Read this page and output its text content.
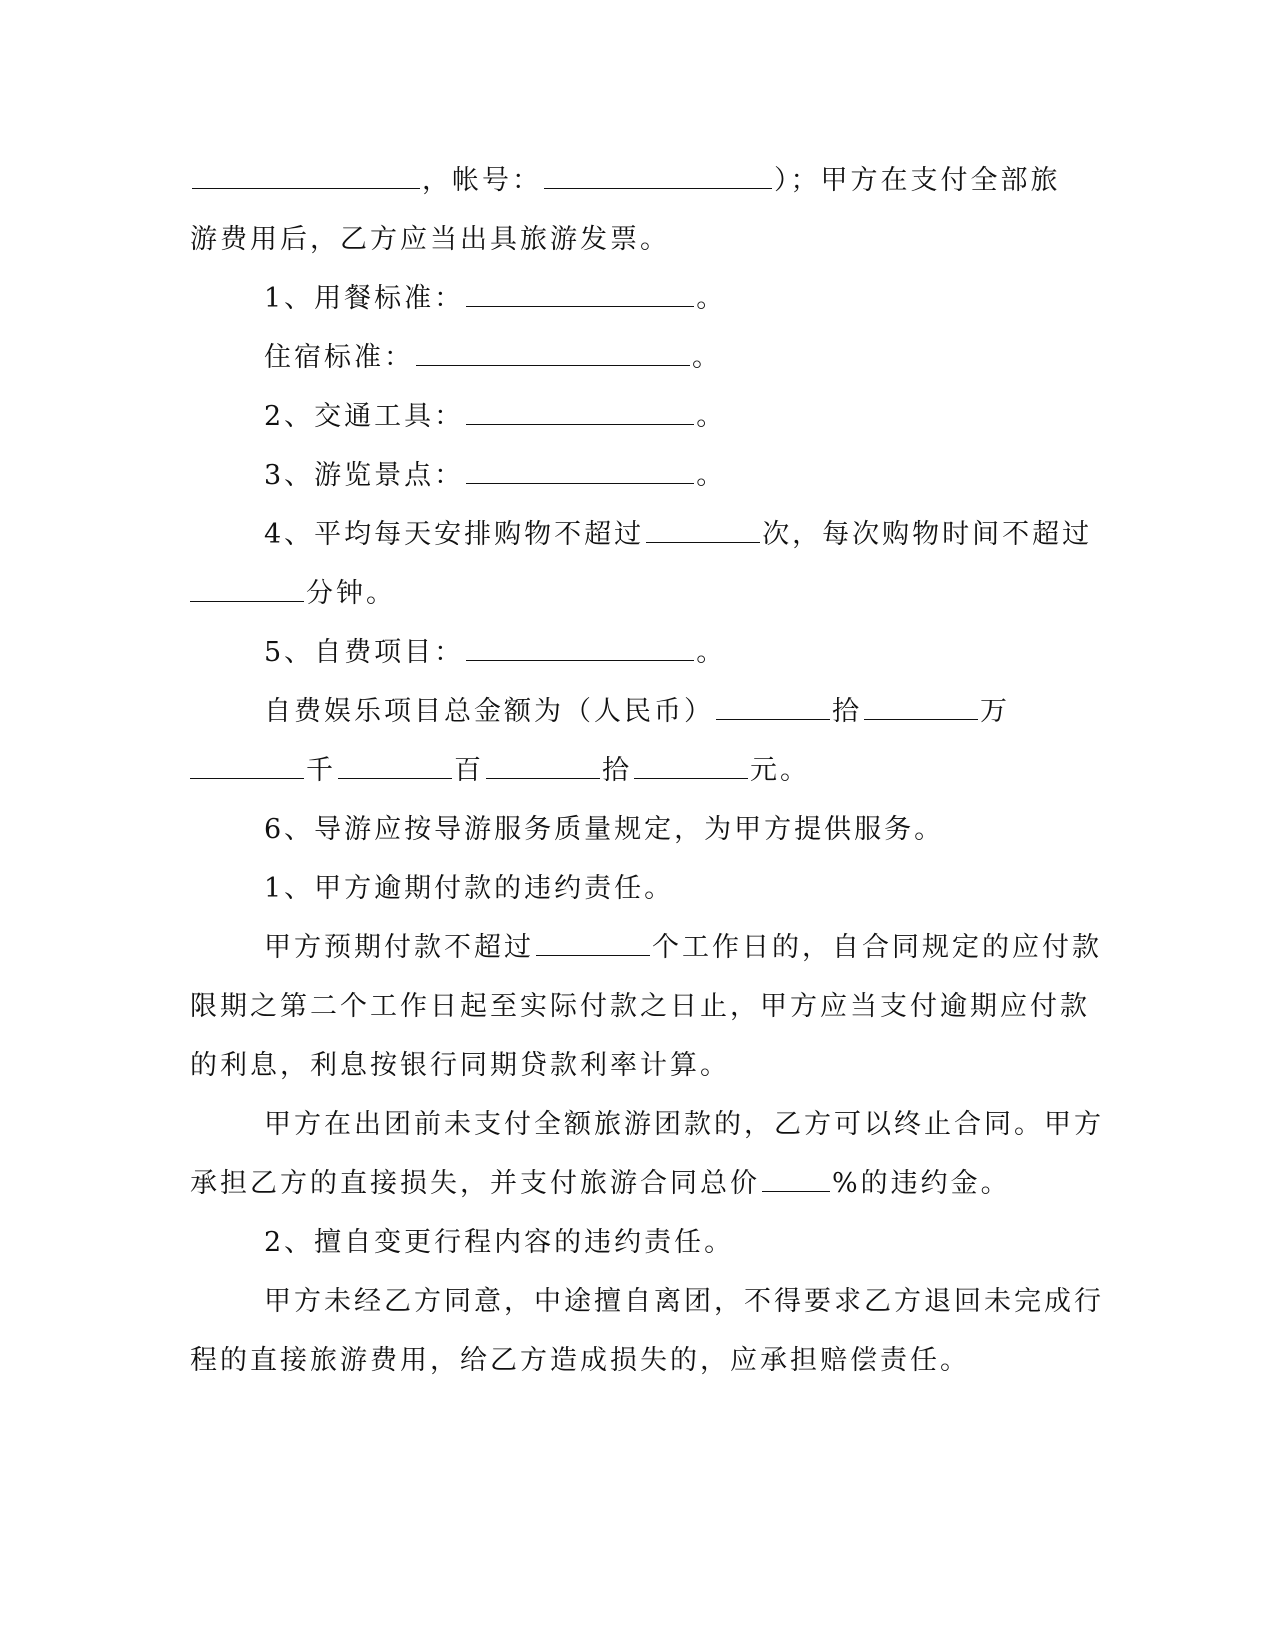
，帐号：	）；甲方在支付全部旅
游费用后，乙方应当出具旅游发票。
1、用餐标准：	。
住宿标准：	。
2、交通工具：	。
3、游览景点：	。
4、平均每天安排购物不超过	次，每次购物时间不超过
分钟。
5、自费项目：	。
自费娱乐项目总金额为（人民币）	拾	万
千	百	拾	元。
6、导游应按导游服务质量规定，为甲方提供服务。
1、甲方逾期付款的违约责任。
甲方预期付款不超过	个工作日的，自合同规定的应付款
限期之第二个工作日起至实际付款之日止，甲方应当支付逾期应付款
的利息，利息按银行同期贷款利率计算。
甲方在出团前未支付全额旅游团款的，乙方可以终止合同。甲方
承担乙方的直接损失，并支付旅游合同总价	%的违约金。
2、擅自变更行程内容的违约责任。
甲方未经乙方同意，中途擅自离团，不得要求乙方退回未完成行
程的直接旅游费用，给乙方造成损失的，应承担赔偿责任。
